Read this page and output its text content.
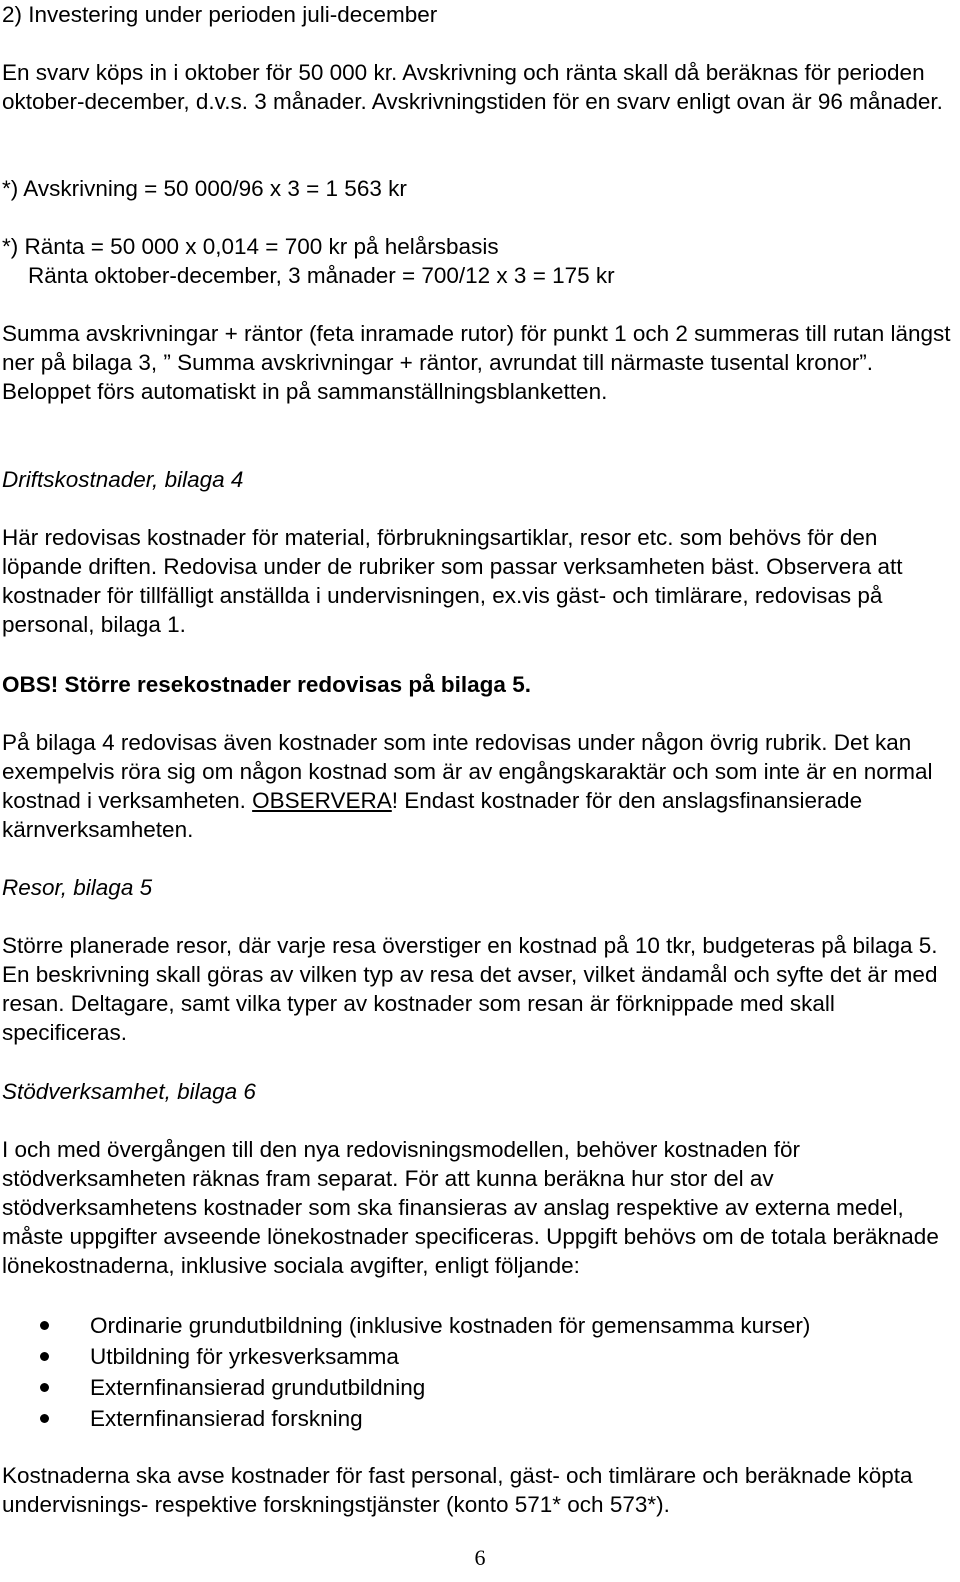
2) Investering under perioden juli-december

En svarv köps in i oktober för 50 000 kr. Avskrivning och ränta skall då beräknas för perioden oktober-december, d.v.s. 3 månader. Avskrivningstiden för en svarv enligt ovan är 96 månader.

*) Avskrivning = 50 000/96 x 3 = 1 563 kr

*) Ränta = 50 000 x 0,014 = 700 kr på helårsbasis

Ränta oktober-december, 3 månader = 700/12 x 3 = 175 kr

Summa avskrivningar + räntor (feta inramade rutor) för punkt 1 och 2 summeras till rutan längst ner på bilaga 3, ” Summa avskrivningar + räntor, avrundat till närmaste tusental kronor”. Beloppet förs automatiskt in på sammanställningsblanketten.

Driftskostnader, bilaga 4

Här redovisas kostnader för material, förbrukningsartiklar, resor etc. som behövs för den löpande driften. Redovisa under de rubriker som passar verksamheten bäst. Observera att kostnader för tillfälligt anställda i undervisningen, ex.vis gäst- och timlärare, redovisas på personal, bilaga 1.

OBS! Större resekostnader redovisas på bilaga 5.

På bilaga 4 redovisas även kostnader som inte redovisas under någon övrig rubrik. Det kan exempelvis röra sig om någon kostnad som är av engångskaraktär och som inte är en normal kostnad i verksamheten. OBSERVERA! Endast kostnader för den anslagsfinansierade kärnverksamheten.

Resor, bilaga 5

Större planerade resor, där varje resa överstiger en kostnad på 10 tkr, budgeteras på bilaga 5. En beskrivning skall göras av vilken typ av resa det avser, vilket ändamål och syfte det är med resan. Deltagare, samt vilka typer av kostnader som resan är förknippade med skall specificeras.

Stödverksamhet, bilaga 6

I och med övergången till den nya redovisningsmodellen, behöver kostnaden för stödverksamheten räknas fram separat. För att kunna beräkna hur stor del av stödverksamhetens kostnader som ska finansieras av anslag respektive av externa medel, måste uppgifter avseende lönekostnader specificeras. Uppgift behövs om de totala beräknade lönekostnaderna, inklusive sociala avgifter, enligt följande:

Ordinarie grundutbildning (inklusive kostnaden för gemensamma kurser)
Utbildning för yrkesverksamma
Externfinansierad grundutbildning
Externfinansierad forskning

Kostnaderna ska avse kostnader för fast personal, gäst- och timlärare och beräknade köpta undervisnings- respektive forskningstjänster (konto 571* och 573*).

6
